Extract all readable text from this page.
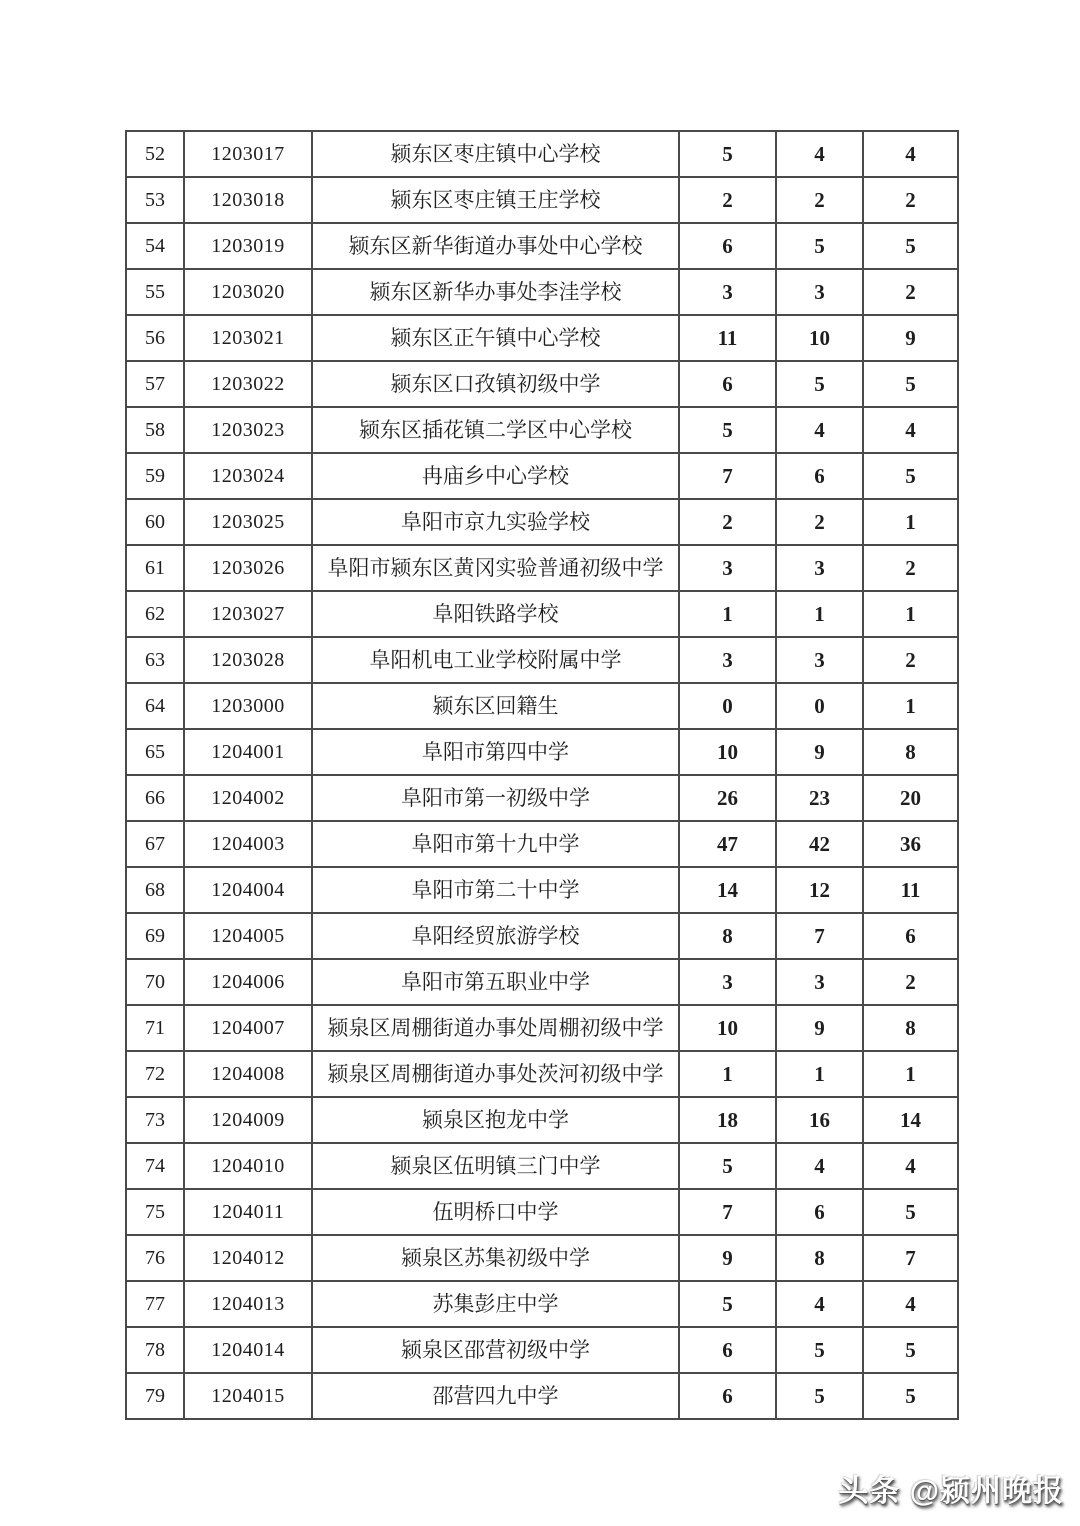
52	1203017	颍东区枣庄镇中心学校	5	4	4
53	1203018	颍东区枣庄镇王庄学校	2	2	2
54	1203019	颍东区新华街道办事处中心学校	6	5	5
55	1203020	颍东区新华办事处李洼学校	3	3	2
56	1203021	颍东区正午镇中心学校	11	10	9
57	1203022	颍东区口孜镇初级中学	6	5	5
58	1203023	颍东区插花镇二学区中心学校	5	4	4
59	1203024	冉庙乡中心学校	7	6	5
60	1203025	阜阳市京九实验学校	2	2	1
61	1203026	阜阳市颍东区黄冈实验普通初级中学	3	3	2
62	1203027	阜阳铁路学校	1	1	1
63	1203028	阜阳机电工业学校附属中学	3	3	2
64	1203000	颍东区回籍生	0	0	1
65	1204001	阜阳市第四中学	10	9	8
66	1204002	阜阳市第一初级中学	26	23	20
67	1204003	阜阳市第十九中学	47	42	36
68	1204004	阜阳市第二十中学	14	12	11
69	1204005	阜阳经贸旅游学校	8	7	6
70	1204006	阜阳市第五职业中学	3	3	2
71	1204007	颍泉区周棚街道办事处周棚初级中学	10	9	8
72	1204008	颍泉区周棚街道办事处茨河初级中学	1	1	1
73	1204009	颍泉区抱龙中学	18	16	14
74	1204010	颍泉区伍明镇三门中学	5	4	4
75	1204011	伍明桥口中学	7	6	5
76	1204012	颍泉区苏集初级中学	9	8	7
77	1204013	苏集彭庄中学	5	4	4
78	1204014	颍泉区邵营初级中学	6	5	5
79	1204015	邵营四九中学	6	5	5
头条 @颍州晚报
